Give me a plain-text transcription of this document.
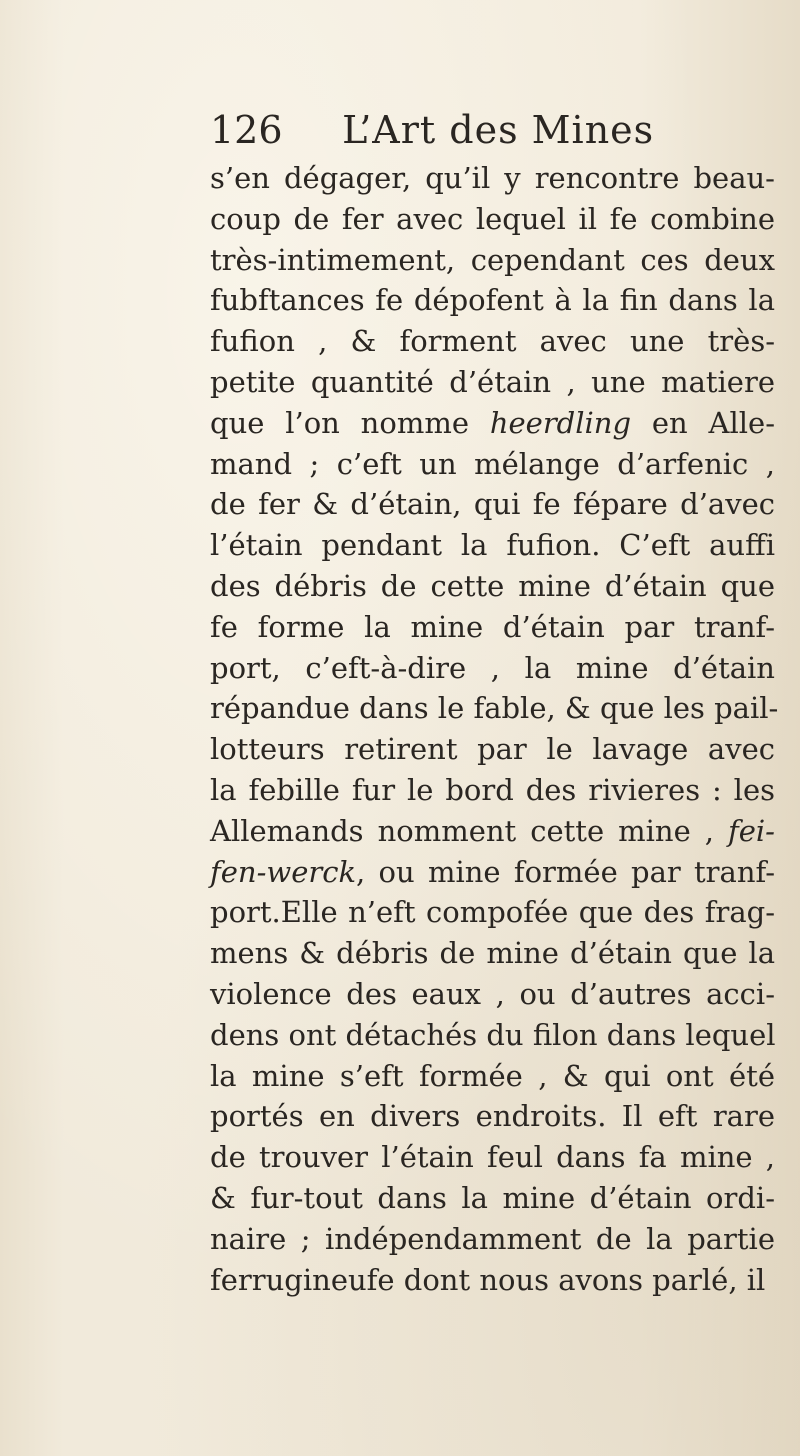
126 L’Art des Mines
s’en dégager, qu’il y rencontre beau-
coup de fer avec lequel il fe combine
très-intimement, cependant ces deux
fubftances fe dépofent à la fin dans la
fufion , & forment avec une très-
petite quantité d’étain , une matiere
que l’on nomme heerdling en Alle-
mand ; c’eft un mélange d’arfenic ,
de fer & d’étain, qui fe fépare d’avec
l’étain pendant la fufion. C’eft auffi
des débris de cette mine d’étain que
fe forme la mine d’étain par tranf-
port, c’eft-à-dire , la mine d’étain
répandue dans le fable, & que les pail-
lotteurs retirent par le lavage avec
la febille fur le bord des rivieres : les
Allemands nomment cette mine , fei-
fen-werck, ou mine formée par tranf-
port.Elle n’eft compofée que des frag-
mens & débris de mine d’étain que la
violence des eaux , ou d’autres acci-
dens ont détachés du filon dans lequel
la mine s’eft formée , & qui ont été
portés en divers endroits. Il eft rare
de trouver l’étain feul dans fa mine ,
& fur-tout dans la mine d’étain ordi-
naire ; indépendamment de la partie
ferrugineufe dont nous avons parlé, il
